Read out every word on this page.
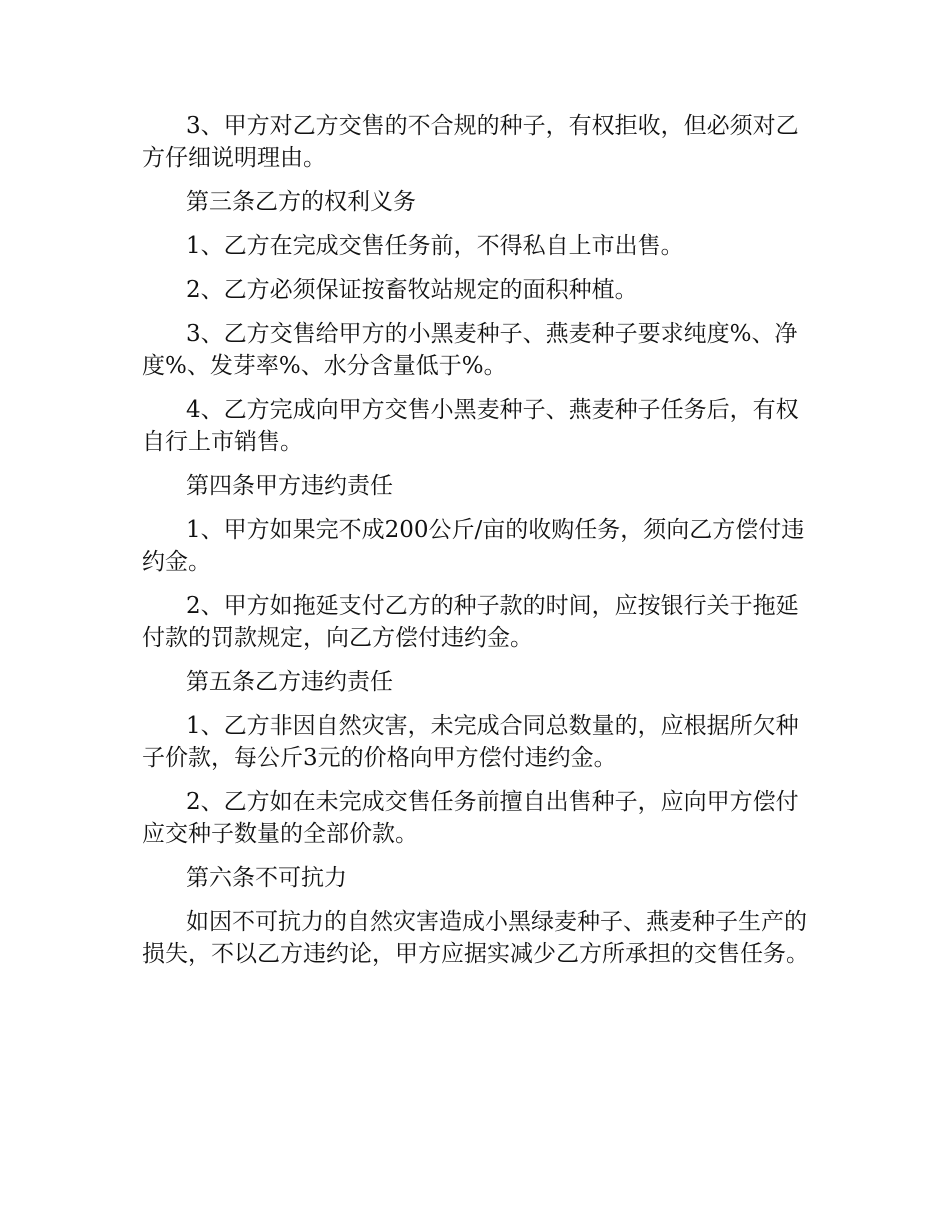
3、甲方对乙方交售的不合规的种子，有权拒收，但必须对乙方仔细说明理由。

第三条乙方的权利义务

1、乙方在完成交售任务前，不得私自上市出售。

2、乙方必须保证按畜牧站规定的面积种植。

3、乙方交售给甲方的小黑麦种子、燕麦种子要求纯度%、净度%、发芽率%、水分含量低于%。

4、乙方完成向甲方交售小黑麦种子、燕麦种子任务后，有权自行上市销售。

第四条甲方违约责任

1、甲方如果完不成200公斤/亩的收购任务，须向乙方偿付违约金。

2、甲方如拖延支付乙方的种子款的时间，应按银行关于拖延付款的罚款规定，向乙方偿付违约金。

第五条乙方违约责任

1、乙方非因自然灾害，未完成合同总数量的，应根据所欠种子价款，每公斤3元的价格向甲方偿付违约金。

2、乙方如在未完成交售任务前擅自出售种子，应向甲方偿付应交种子数量的全部价款。

第六条不可抗力

如因不可抗力的自然灾害造成小黑绿麦种子、燕麦种子生产的损失，不以乙方违约论，甲方应据实减少乙方所承担的交售任务。
